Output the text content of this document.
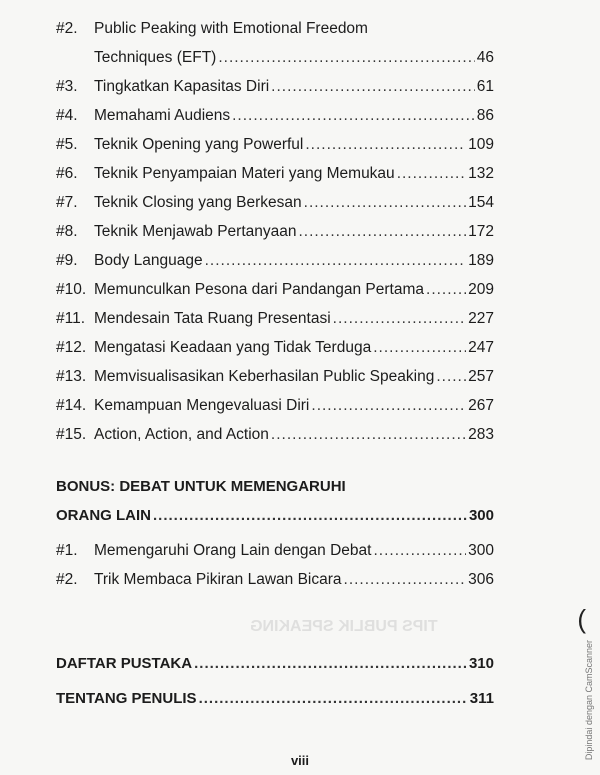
#2. Public Peaking with Emotional Freedom
Techniques (EFT) .....	46
#3.	Tingkatkan Kapasitas Diri .....	61
#4.	Memahami Audiens .....	86
#5.	Teknik Opening yang Powerful .....	109
#6.	Teknik Penyampaian Materi yang Memukau .....	132
#7.	Teknik Closing yang Berkesan .....	154
#8.	Teknik Menjawab Pertanyaan .....	172
#9.	Body Language .....	189
#10. Memunculkan Pesona dari Pandangan Pertama .....	209
#11. Mendesain Tata Ruang Presentasi .....	227
#12. Mengatasi Keadaan yang Tidak Terduga .....	247
#13. Memvisualisasikan Keberhasilan Public Speaking ..... 257
#14. Kemampuan Mengevaluasi Diri .....	267
#15. Action, Action, and Action .....	283
BONUS: DEBAT UNTUK MEMENGARUHI
ORANG LAIN .....	300
#1.	Memengaruhi Orang Lain dengan Debat .....	300
#2.	Trik Membaca Pikiran Lawan Bicara .....	306
TIPS PUBLIK SPEAKING	(
DAFTAR PUSTAKA .....	310
TENTANG PENULIS .....	311	Dipindai dengan CamScanner
viii
